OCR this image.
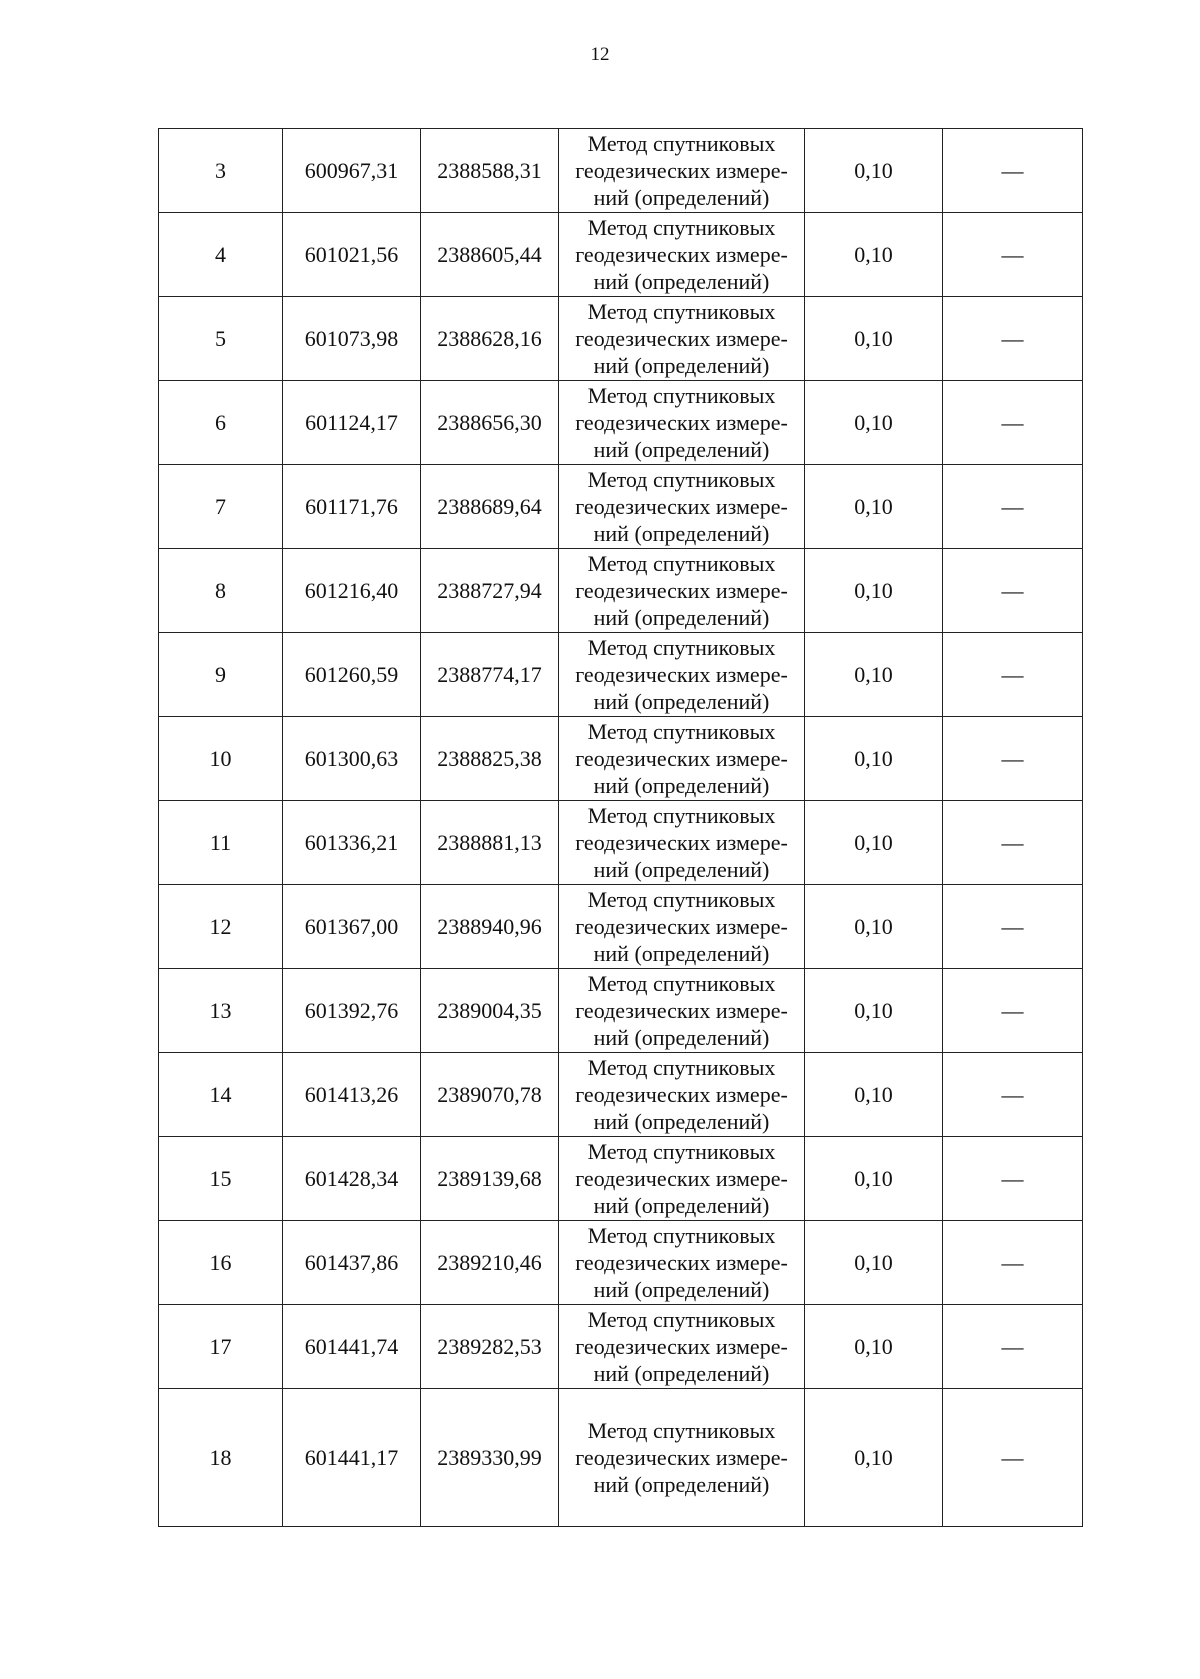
12
3	600967,31	2388588,31	Метод спутниковых
геодезических измере-
ний (определений)	0,10	—
4	601021,56	2388605,44	Метод спутниковых
геодезических измере-
ний (определений)	0,10	—
5	601073,98	2388628,16	Метод спутниковых
геодезических измере-
ний (определений)	0,10	—
6	601124,17	2388656,30	Метод спутниковых
геодезических измере-
ний (определений)	0,10	—
7	601171,76	2388689,64	Метод спутниковых
геодезических измере-
ний (определений)	0,10	—
8	601216,40	2388727,94	Метод спутниковых
геодезических измере-
ний (определений)	0,10	—
9	601260,59	2388774,17	Метод спутниковых
геодезических измере-
ний (определений)	0,10	—
10	601300,63	2388825,38	Метод спутниковых
геодезических измере-
ний (определений)	0,10	—
11	601336,21	2388881,13	Метод спутниковых
геодезических измере-
ний (определений)	0,10	—
12	601367,00	2388940,96	Метод спутниковых
геодезических измере-
ний (определений)	0,10	—
13	601392,76	2389004,35	Метод спутниковых
геодезических измере-
ний (определений)	0,10	—
14	601413,26	2389070,78	Метод спутниковых
геодезических измере-
ний (определений)	0,10	—
15	601428,34	2389139,68	Метод спутниковых
геодезических измере-
ний (определений)	0,10	—
16	601437,86	2389210,46	Метод спутниковых
геодезических измере-
ний (определений)	0,10	—
17	601441,74	2389282,53	Метод спутниковых
геодезических измере-
ний (определений)	0,10	—
18	601441,17	2389330,99	Метод спутниковых
геодезических измере-
ний (определений)	0,10	—
